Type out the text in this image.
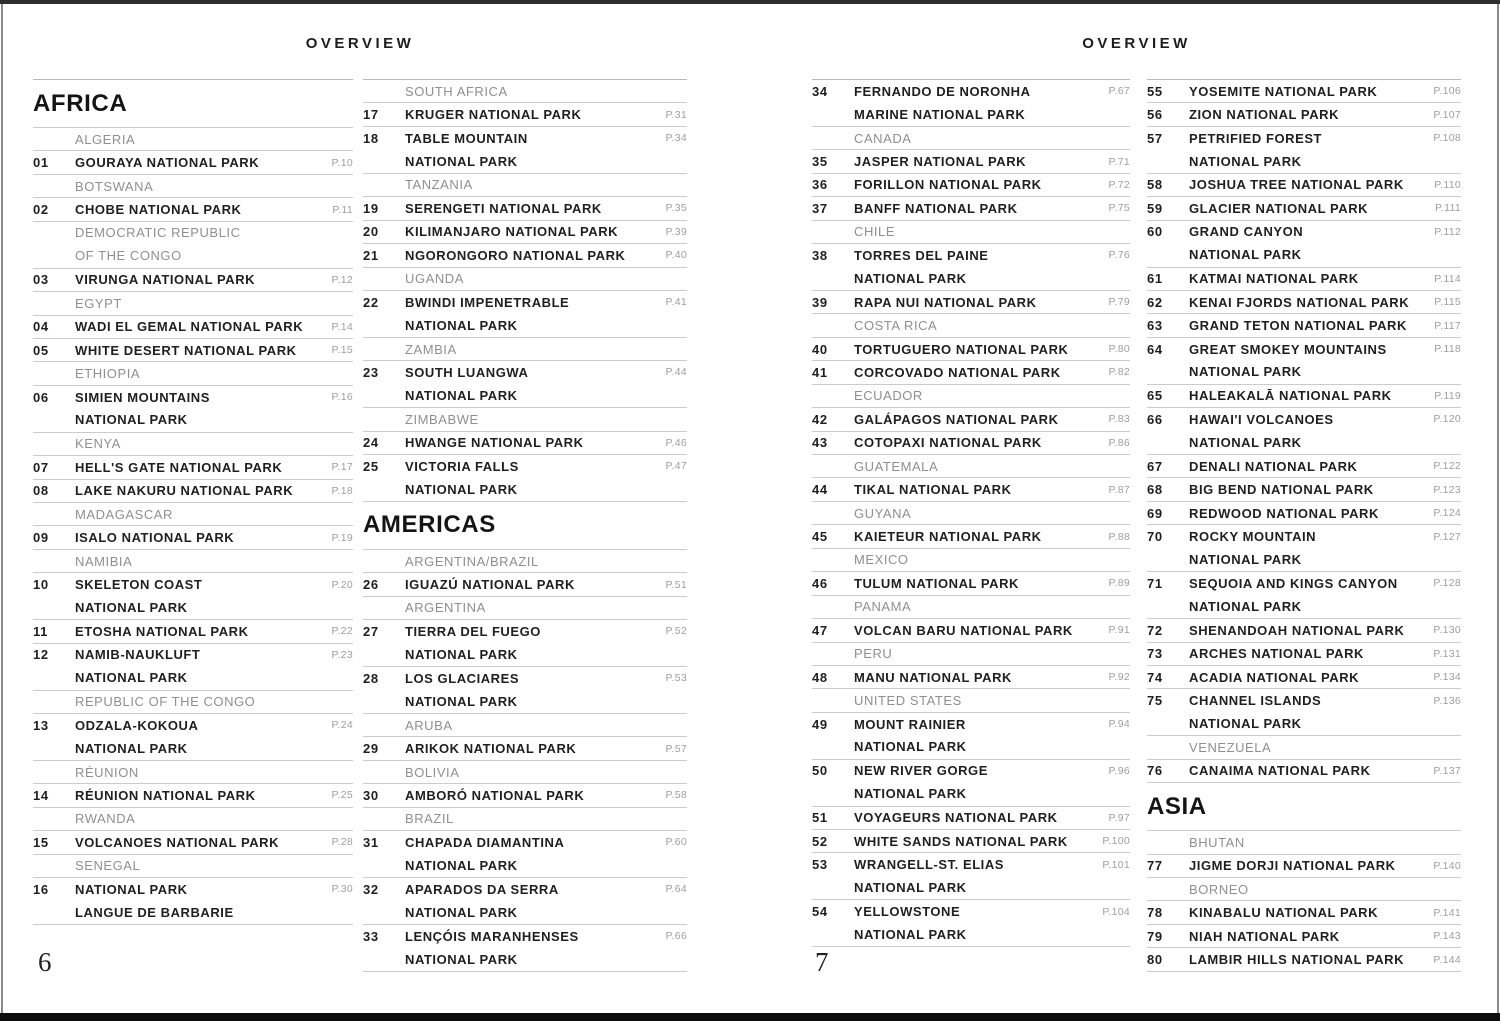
OVERVIEW	OVERVIEW
AFRICA
ALGERIA
01	GOURAYA NATIONAL PARK	P.10
BOTSWANA
02	CHOBE NATIONAL PARK	P.11
DEMOCRATIC REPUBLIC
OF THE CONGO
03	VIRUNGA NATIONAL PARK	P.12
EGYPT
04	WADI EL GEMAL NATIONAL PARK	P.14
05	WHITE DESERT NATIONAL PARK	P.15
ETHIOPIA
06	SIMIEN MOUNTAINS	P.16
NATIONAL PARK
KENYA
07	HELL'S GATE NATIONAL PARK	P.17
08	LAKE NAKURU NATIONAL PARK	P.18
MADAGASCAR
09	ISALO NATIONAL PARK	P.19
NAMIBIA
10	SKELETON COAST	P.20
NATIONAL PARK
11	ETOSHA NATIONAL PARK	P.22
12	NAMIB-NAUKLUFT	P.23
NATIONAL PARK
REPUBLIC OF THE CONGO
13	ODZALA-KOKOUA	P.24
NATIONAL PARK
RÉUNION
14	RÉUNION NATIONAL PARK	P.25
RWANDA
15	VOLCANOES NATIONAL PARK	P.28
SENEGAL
16	NATIONAL PARK	P.30
LANGUE DE BARBARIE
SOUTH AFRICA
17	KRUGER NATIONAL PARK	P.31
18	TABLE MOUNTAIN	P.34
NATIONAL PARK
TANZANIA
19	SERENGETI NATIONAL PARK	P.35
20	KILIMANJARO NATIONAL PARK	P.39
21	NGORONGORO NATIONAL PARK	P.40
UGANDA
22	BWINDI IMPENETRABLE	P.41
NATIONAL PARK
ZAMBIA
23	SOUTH LUANGWA	P.44
NATIONAL PARK
ZIMBABWE
24	HWANGE NATIONAL PARK	P.46
25	VICTORIA FALLS	P.47
NATIONAL PARK
AMERICAS
ARGENTINA/BRAZIL
26	IGUAZÚ NATIONAL PARK	P.51
ARGENTINA
27	TIERRA DEL FUEGO	P.52
NATIONAL PARK
28	LOS GLACIARES	P.53
NATIONAL PARK
ARUBA
29	ARIKOK NATIONAL PARK	P.57
BOLIVIA
30	AMBORÓ NATIONAL PARK	P.58
BRAZIL
31	CHAPADA DIAMANTINA	P.60
NATIONAL PARK
32	APARADOS DA SERRA	P.64
NATIONAL PARK
33	LENÇÓIS MARANHENSES	P.66
NATIONAL PARK
34	FERNANDO DE NORONHA	P.67
MARINE NATIONAL PARK
CANADA
35	JASPER NATIONAL PARK	P.71
36	FORILLON NATIONAL PARK	P.72
37	BANFF NATIONAL PARK	P.75
CHILE
38	TORRES DEL PAINE	P.76
NATIONAL PARK
39	RAPA NUI NATIONAL PARK	P.79
COSTA RICA
40	TORTUGUERO NATIONAL PARK	P.80
41	CORCOVADO NATIONAL PARK	P.82
ECUADOR
42	GALÁPAGOS NATIONAL PARK	P.83
43	COTOPAXI NATIONAL PARK	P.86
GUATEMALA
44	TIKAL NATIONAL PARK	P.87
GUYANA
45	KAIETEUR NATIONAL PARK	P.88
MEXICO
46	TULUM NATIONAL PARK	P.89
PANAMA
47	VOLCAN BARU NATIONAL PARK	P.91
PERU
48	MANU NATIONAL PARK	P.92
UNITED STATES
49	MOUNT RAINIER	P.94
NATIONAL PARK
50	NEW RIVER GORGE	P.96
NATIONAL PARK
51	VOYAGEURS NATIONAL PARK	P.97
52	WHITE SANDS NATIONAL PARK	P.100
53	WRANGELL-ST. ELIAS	P.101
NATIONAL PARK
54	YELLOWSTONE	P.104
NATIONAL PARK
55	YOSEMITE NATIONAL PARK	P.106
56	ZION NATIONAL PARK	P.107
57	PETRIFIED FOREST	P.108
NATIONAL PARK
58	JOSHUA TREE NATIONAL PARK	P.110
59	GLACIER NATIONAL PARK	P.111
60	GRAND CANYON	P.112
NATIONAL PARK
61	KATMAI NATIONAL PARK	P.114
62	KENAI FJORDS NATIONAL PARK	P.115
63	GRAND TETON NATIONAL PARK	P.117
64	GREAT SMOKEY MOUNTAINS	P.118
NATIONAL PARK
65	HALEAKALĀ NATIONAL PARK	P.119
66	HAWAI'I VOLCANOES	P.120
NATIONAL PARK
67	DENALI NATIONAL PARK	P.122
68	BIG BEND NATIONAL PARK	P.123
69	REDWOOD NATIONAL PARK	P.124
70	ROCKY MOUNTAIN	P.127
NATIONAL PARK
71	SEQUOIA AND KINGS CANYON	P.128
NATIONAL PARK
72	SHENANDOAH NATIONAL PARK	P.130
73	ARCHES NATIONAL PARK	P.131
74	ACADIA NATIONAL PARK	P.134
75	CHANNEL ISLANDS	P.136
NATIONAL PARK
VENEZUELA
76	CANAIMA NATIONAL PARK	P.137
ASIA
BHUTAN
77	JIGME DORJI NATIONAL PARK	P.140
BORNEO
78	KINABALU NATIONAL PARK	P.141
79	NIAH NATIONAL PARK	P.143
80	LAMBIR HILLS NATIONAL PARK	P.144
6	7
